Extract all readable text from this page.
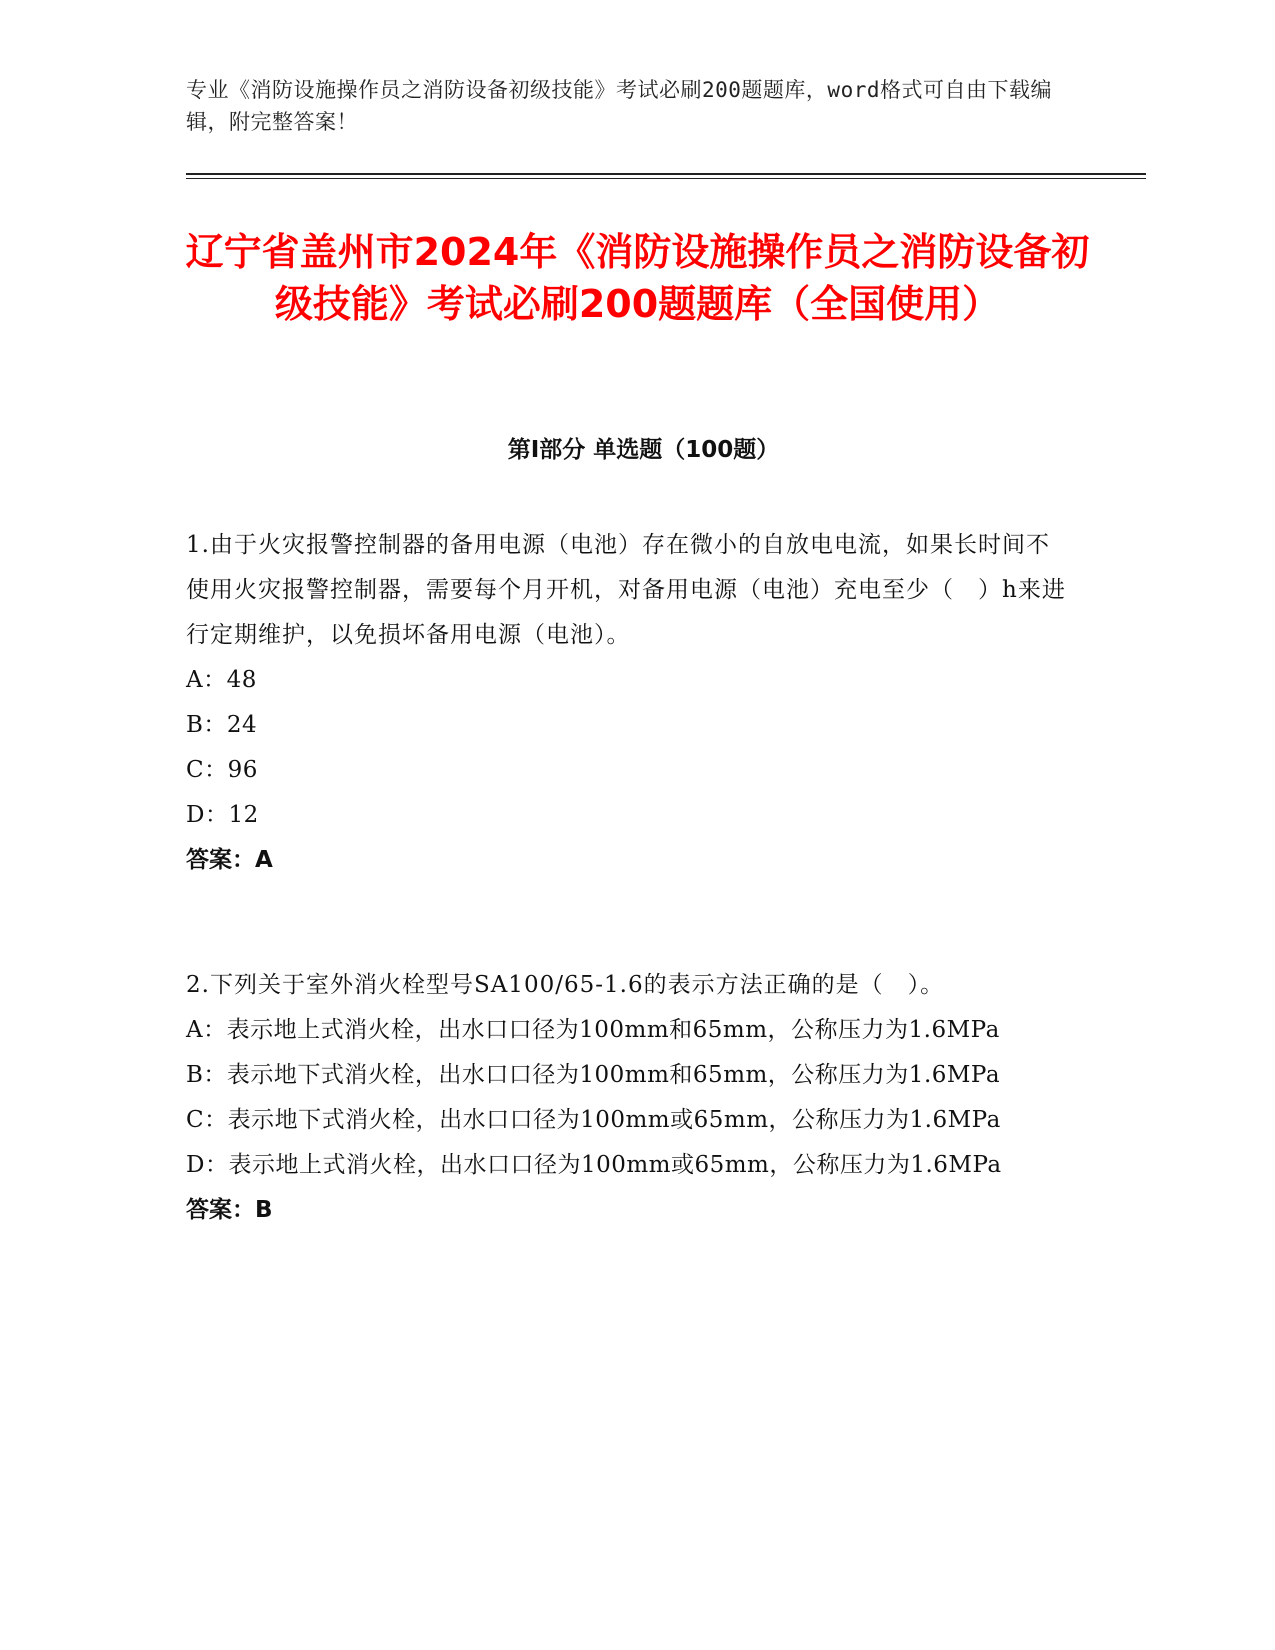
专业《消防设施操作员之消防设备初级技能》考试必刷200题题库，word格式可自由下载编辑，附完整答案！
辽宁省盖州市2024年《消防设施操作员之消防设备初级技能》考试必刷200题题库（全国使用）
第I部分 单选题（100题）
1.由于火灾报警控制器的备用电源（电池）存在微小的自放电电流，如果长时间不使用火灾报警控制器，需要每个月开机，对备用电源（电池）充电至少（　）h来进行定期维护，以免损坏备用电源（电池）。
A：48
B：24
C：96
D：12
答案：A
2.下列关于室外消火栓型号SA100/65-1.6的表示方法正确的是（　）。
A：表示地上式消火栓，出水口口径为100mm和65mm，公称压力为1.6MPa
B：表示地下式消火栓，出水口口径为100mm和65mm，公称压力为1.6MPa
C：表示地下式消火栓，出水口口径为100mm或65mm，公称压力为1.6MPa
D：表示地上式消火栓，出水口口径为100mm或65mm，公称压力为1.6MPa
答案：B
